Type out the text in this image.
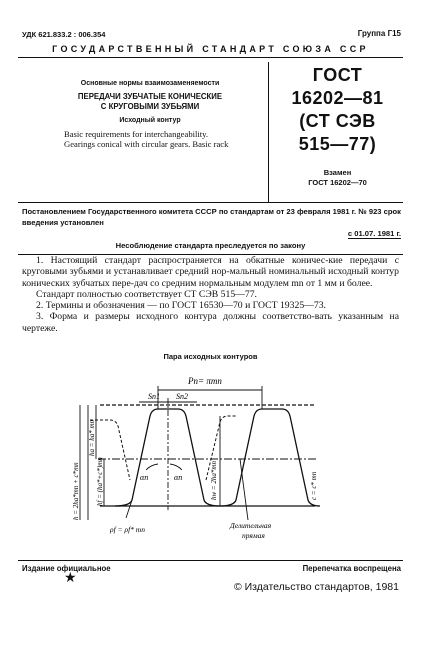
УДК 621.833.2 : 006.354	Группа Г15
ГОСУДАРСТВЕННЫЙ СТАНДАРТ СОЮЗА ССР
Основные нормы взаимозаменяемости
ПЕРЕДАЧИ ЗУБЧАТЫЕ КОНИЧЕСКИЕ
С КРУГОВЫМИ ЗУБЬЯМИ
Исходный контур
Basic requirements for interchangeability.
Gearings conical with circular gears. Basic rack
ГОСТ
16202—81
(СТ СЭВ
515—77)
Взамен
ГОСТ 16202—70
Постановлением Государственного комитета СССР по стандартам от 23 февраля 1981 г. № 923 срок введения установлен
с 01.07. 1981 г.
Несоблюдение стандарта преследуется по закону

1. Настоящий стандарт распространяется на обкатные коничес-кие передачи с круговыми зубьями и устанавливает средний нор-мальный номинальный исходный контур конических зубчатых пере-дач со средним нормальным модулем mn от 1 мм и более.

Стандарт полностью соответствует СТ СЭВ 515—77.

2. Термины и обозначения — по ГОСТ 16530—70 и ГОСТ 19325—73.

3. Форма и размеры исходного контура должны соответство-вать указанным на чертеже.

Пара исходных контуров
Pn= πmn
Sn1 Sn2
αn	αn
ρf = ρf* mn	Делительная
прямая
h = 2hа*mn + c*mn
hа = hа* mn
hf = (hа*+c*)mn	hw = 2hа*mn	c = c* mn
Издание официальное	Перепечатка воспрещена
★
© Издательство стандартов, 1981
